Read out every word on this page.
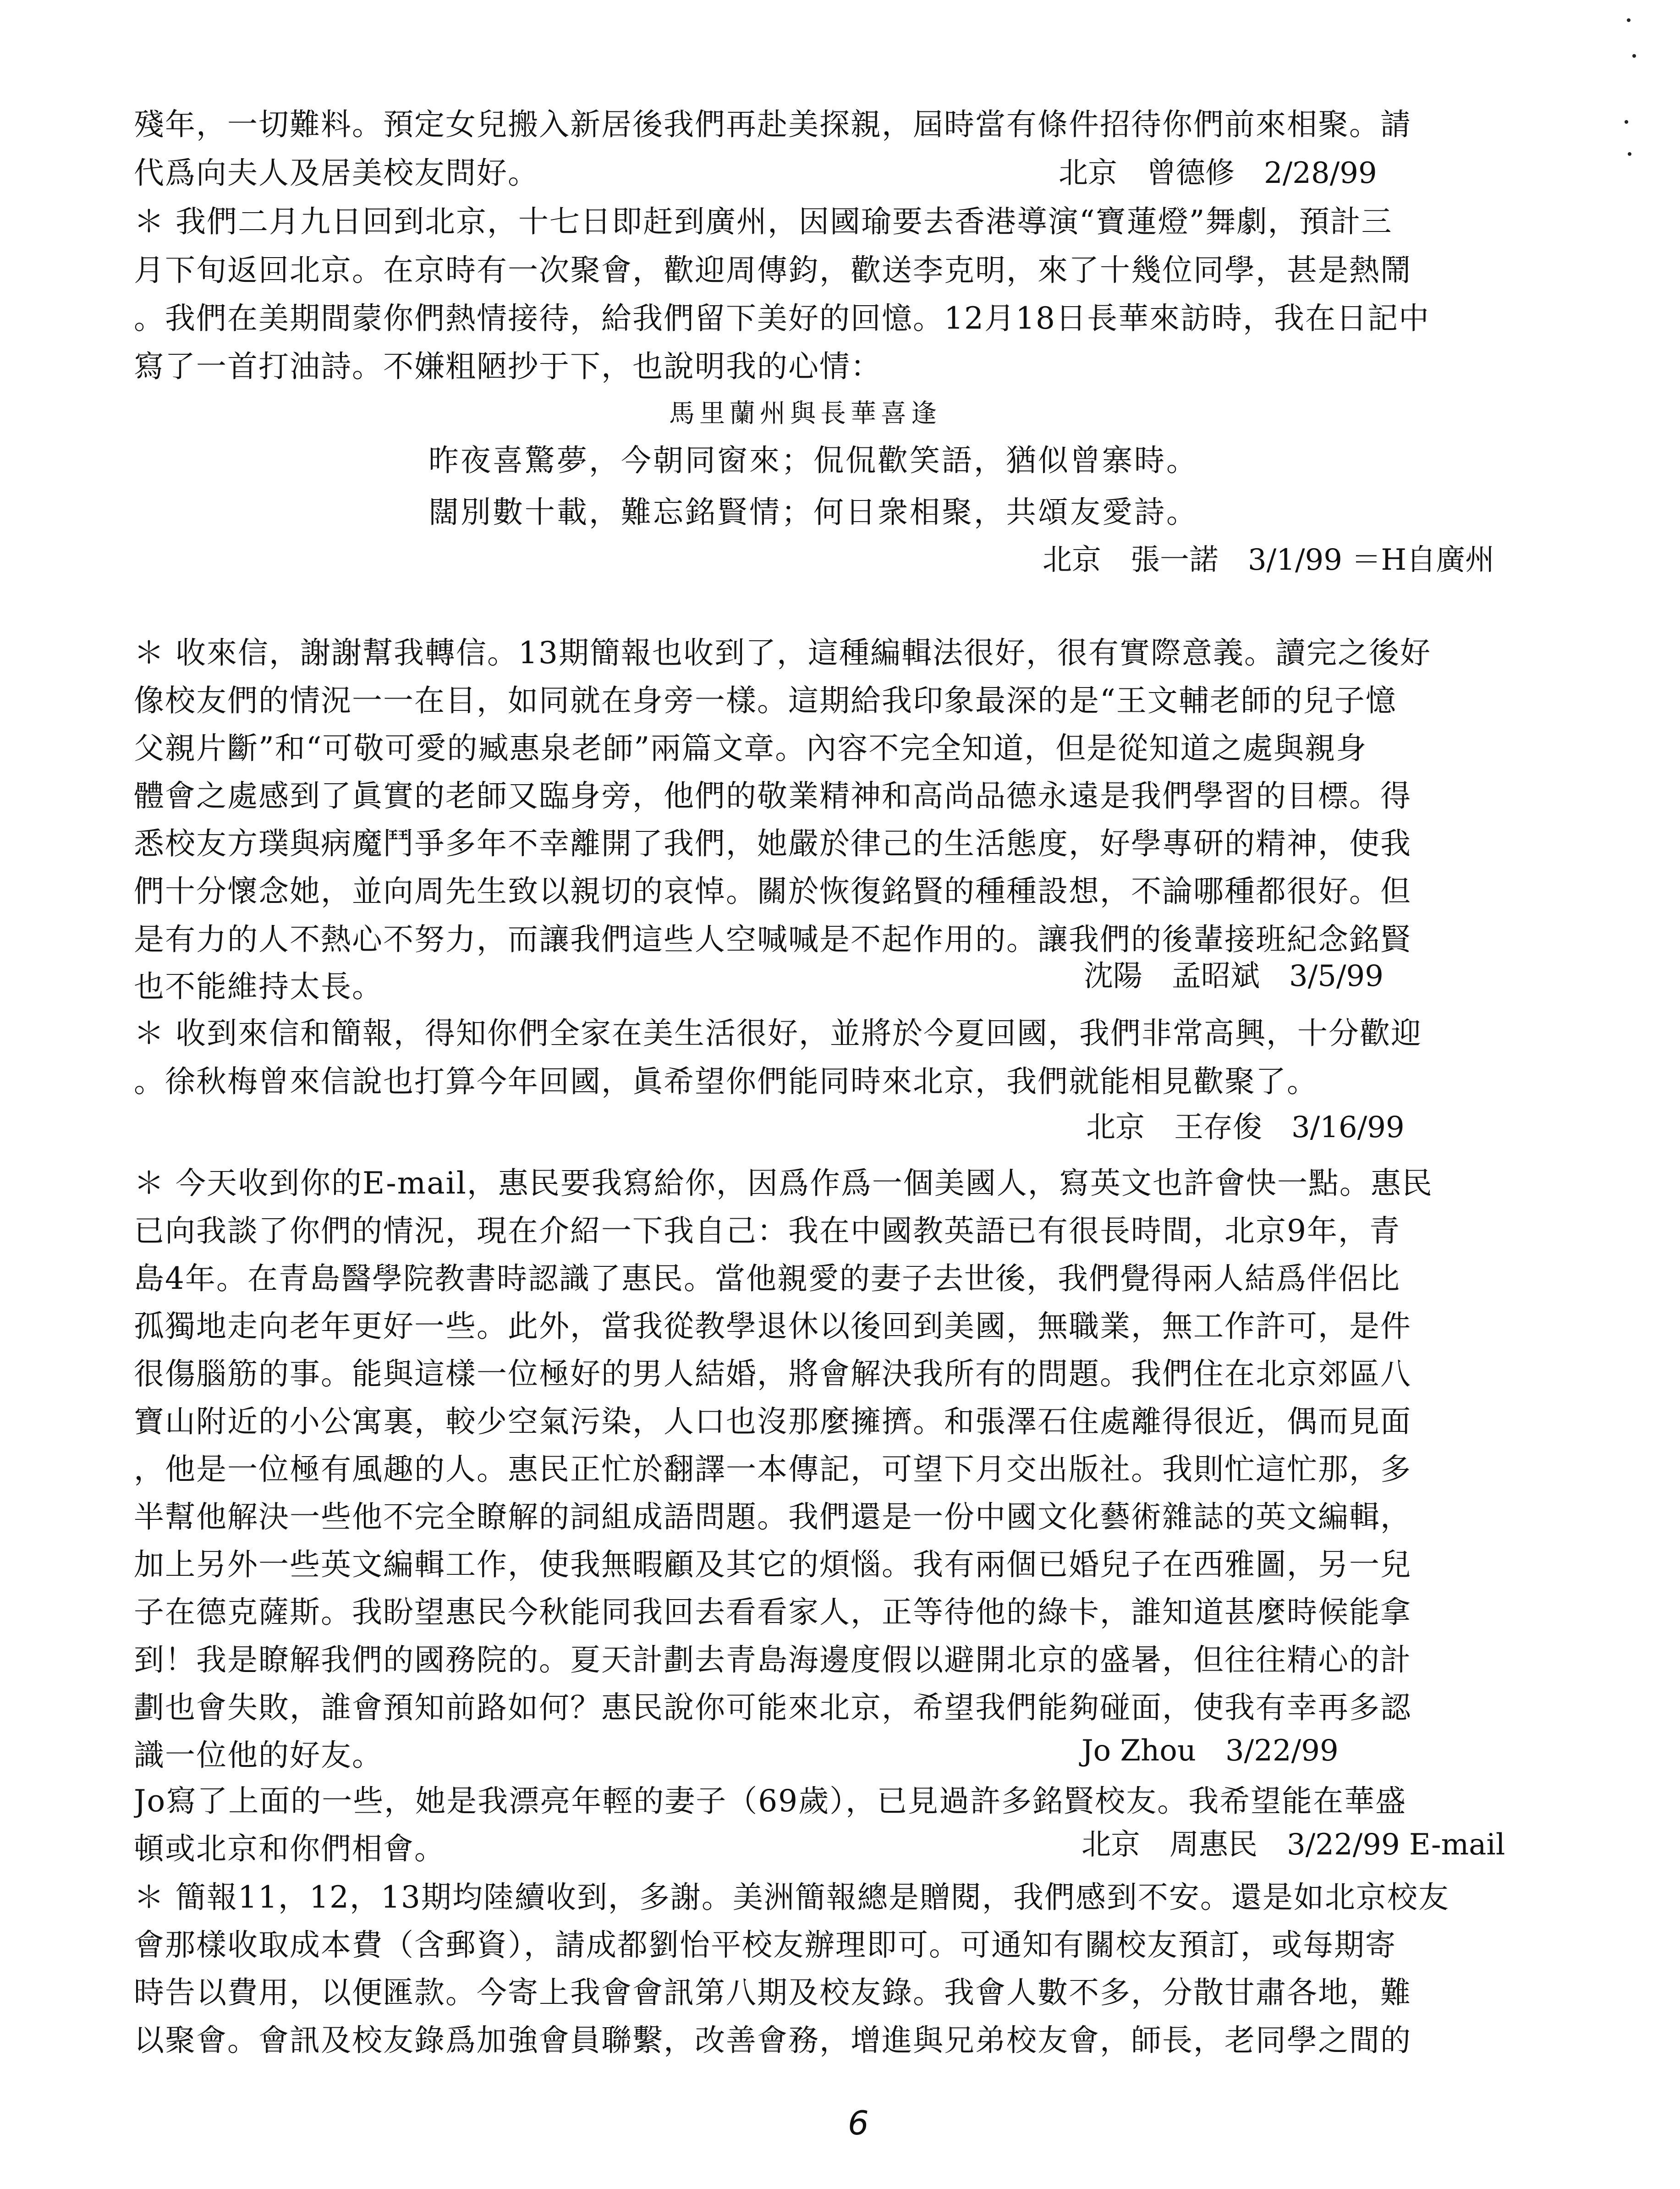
殘年，一切難料。預定女兒搬入新居後我們再赴美探親，屆時當有條件招待你們前來相聚。請
代爲向夫人及居美校友問好。	北京　曾德修　2/28/99
＊ 我們二月九日回到北京，十七日即赶到廣州，因國瑜要去香港導演“寶蓮燈”舞劇，預計三
月下旬返回北京。在京時有一次聚會，歡迎周傳鈞，歡送李克明，來了十幾位同學，甚是熱鬧
。我們在美期間蒙你們熱情接待，給我們留下美好的回憶。12月18日長華來訪時，我在日記中
寫了一首打油詩。不嫌粗陋抄于下，也說明我的心情：
馬里蘭州與長華喜逢
昨夜喜驚夢，今朝同窗來；侃侃歡笑語，猶似曾寨時。
闊別數十載，難忘銘賢情；何日衆相聚，共頌友愛詩。
北京　張一諾　3/1/99 ＝H自廣州
＊ 收來信，謝謝幫我轉信。13期簡報也收到了，這種編輯法很好，很有實際意義。讀完之後好
像校友們的情況一一在目，如同就在身旁一樣。這期給我印象最深的是“王文輔老師的兒子憶
父親片斷”和“可敬可愛的臧惠泉老師”兩篇文章。內容不完全知道，但是從知道之處與親身
體會之處感到了眞實的老師又臨身旁，他們的敬業精神和高尚品德永遠是我們學習的目標。得
悉校友方璞與病魔鬥爭多年不幸離開了我們，她嚴於律己的生活態度，好學專研的精神，使我
們十分懷念她，並向周先生致以親切的哀悼。關於恢復銘賢的種種設想，不論哪種都很好。但
是有力的人不熱心不努力，而讓我們這些人空喊喊是不起作用的。讓我們的後輩接班紀念銘賢
也不能維持太長。	沈陽　孟昭斌　3/5/99
＊ 收到來信和簡報，得知你們全家在美生活很好，並將於今夏回國，我們非常高興，十分歡迎
。徐秋梅曾來信說也打算今年回國，眞希望你們能同時來北京，我們就能相見歡聚了。
北京　王存俊　3/16/99
＊ 今天收到你的E-mail，惠民要我寫給你，因爲作爲一個美國人，寫英文也許會快一點。惠民
已向我談了你們的情況，現在介紹一下我自己：我在中國教英語已有很長時間，北京9年，青
島4年。在青島醫學院教書時認識了惠民。當他親愛的妻子去世後，我們覺得兩人結爲伴侶比
孤獨地走向老年更好一些。此外，當我從教學退休以後回到美國，無職業，無工作許可，是件
很傷腦筋的事。能與這樣一位極好的男人結婚，將會解決我所有的問題。我們住在北京郊區八
寶山附近的小公寓裏，較少空氣污染，人口也沒那麼擁擠。和張澤石住處離得很近，偶而見面
，他是一位極有風趣的人。惠民正忙於翻譯一本傳記，可望下月交出版社。我則忙這忙那，多
半幫他解決一些他不完全瞭解的詞組成語問題。我們還是一份中國文化藝術雜誌的英文編輯，
加上另外一些英文編輯工作，使我無暇顧及其它的煩惱。我有兩個已婚兒子在西雅圖，另一兒
子在德克薩斯。我盼望惠民今秋能同我回去看看家人，正等待他的綠卡，誰知道甚麼時候能拿
到！我是瞭解我們的國務院的。夏天計劃去青島海邊度假以避開北京的盛暑，但往往精心的計
劃也會失敗，誰會預知前路如何？惠民說你可能來北京，希望我們能夠碰面，使我有幸再多認
識一位他的好友。	Jo Zhou　3/22/99
Jo寫了上面的一些，她是我漂亮年輕的妻子（69歲），已見過許多銘賢校友。我希望能在華盛
頓或北京和你們相會。	北京　周惠民　3/22/99 E-mail
＊ 簡報11，12，13期均陸續收到，多謝。美洲簡報總是贈閱，我們感到不安。還是如北京校友
會那樣收取成本費（含郵資），請成都劉怡平校友辦理即可。可通知有關校友預訂，或每期寄
時告以費用，以便匯款。今寄上我會會訊第八期及校友錄。我會人數不多，分散甘肅各地，難
以聚會。會訊及校友錄爲加強會員聯繫，改善會務，增進與兄弟校友會，師長，老同學之間的
6
